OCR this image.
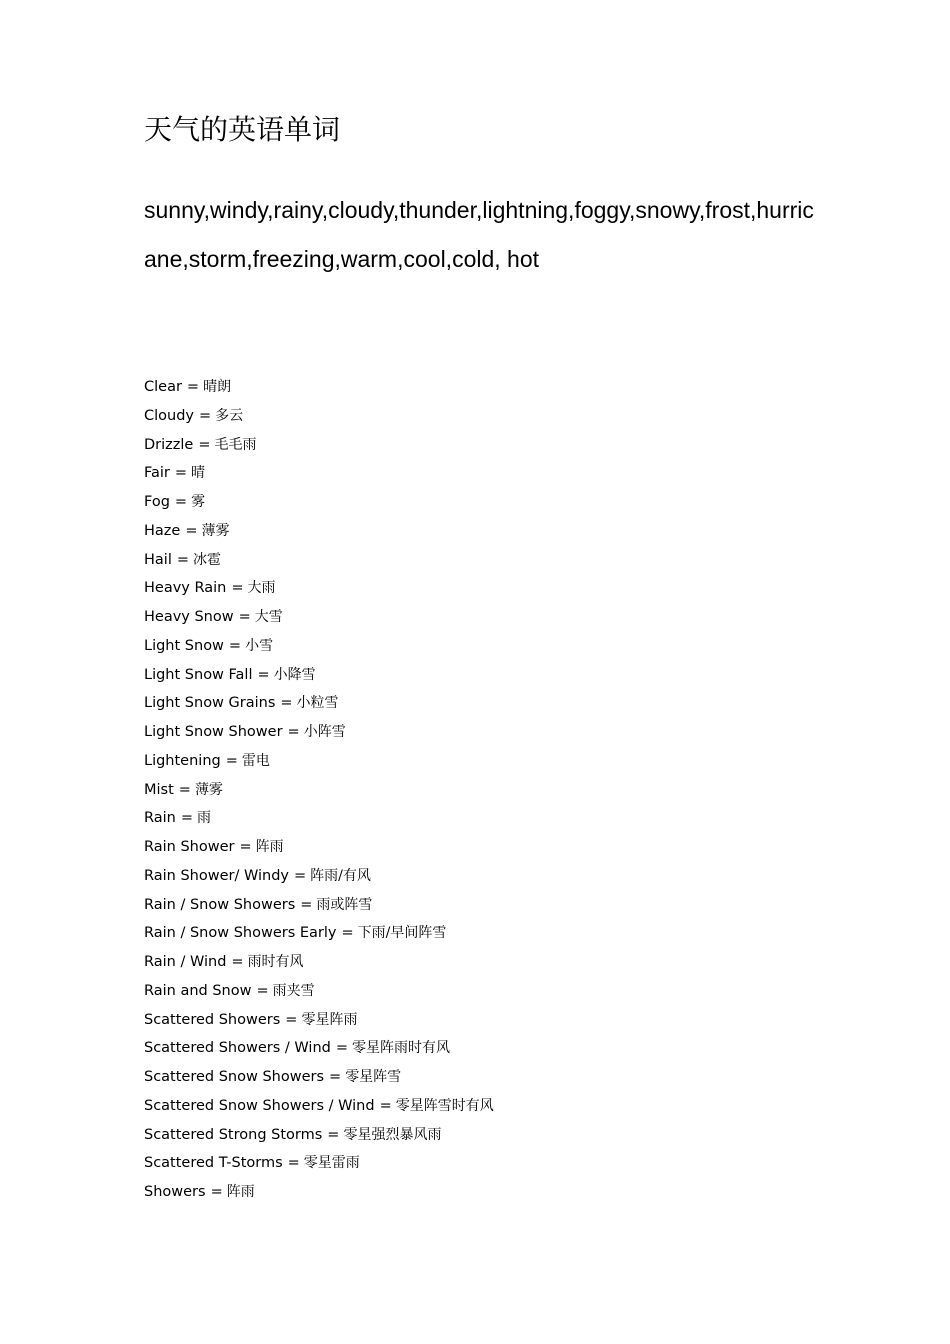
天气的英语单词

sunny,windy,rainy,cloudy,thunder,lightning,foggy,snowy,frost,hurric
ane,storm,freezing,warm,cool,cold, hot

Clear = 晴朗
Cloudy = 多云
Drizzle = 毛毛雨
Fair = 晴
Fog = 雾
Haze = 薄雾
Hail = 冰雹
Heavy Rain = 大雨
Heavy Snow = 大雪
Light Snow = 小雪
Light Snow Fall = 小降雪
Light Snow Grains = 小粒雪
Light Snow Shower = 小阵雪
Lightening = 雷电
Mist = 薄雾
Rain = 雨
Rain Shower = 阵雨
Rain Shower/ Windy = 阵雨/有风
Rain / Snow Showers = 雨或阵雪
Rain / Snow Showers Early = 下雨/早间阵雪
Rain / Wind = 雨时有风
Rain and Snow = 雨夹雪
Scattered Showers = 零星阵雨
Scattered Showers / Wind = 零星阵雨时有风
Scattered Snow Showers = 零星阵雪
Scattered Snow Showers / Wind = 零星阵雪时有风
Scattered Strong Storms = 零星强烈暴风雨
Scattered T-Storms = 零星雷雨
Showers = 阵雨
